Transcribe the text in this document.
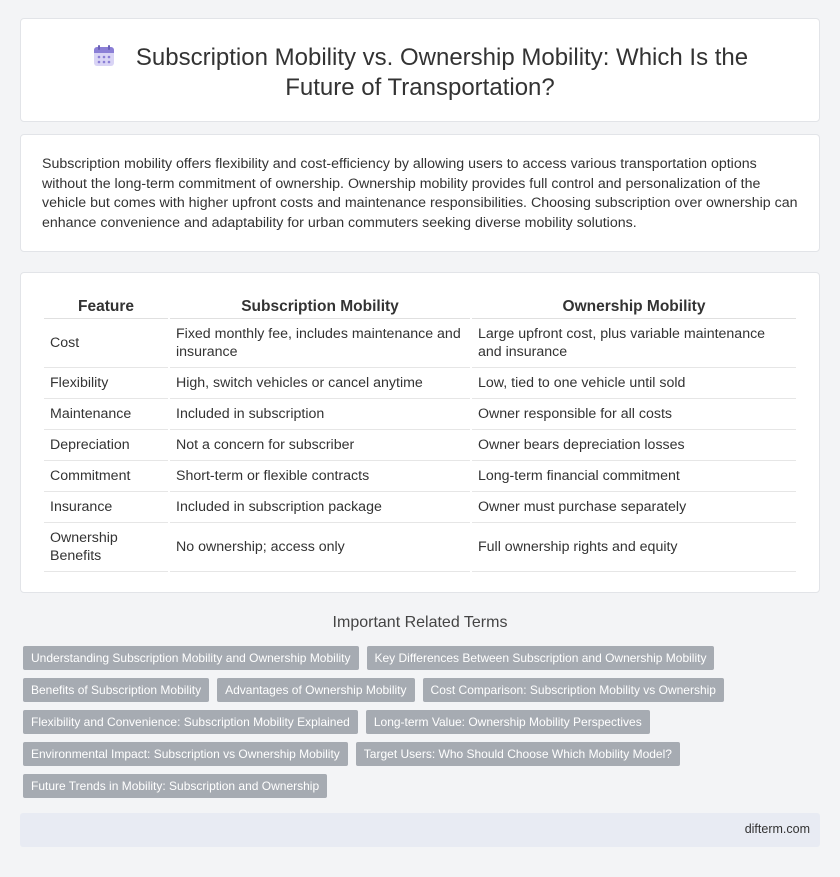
Subscription Mobility vs. Ownership Mobility: Which Is the Future of Transportation?

Subscription mobility offers flexibility and cost-efficiency by allowing users to access various transportation options without the long-term commitment of ownership. Ownership mobility provides full control and personalization of the vehicle but comes with higher upfront costs and maintenance responsibilities. Choosing subscription over ownership can enhance convenience and adaptability for urban commuters seeking diverse mobility solutions.

Feature	Subscription Mobility	Ownership Mobility
Cost	Fixed monthly fee, includes maintenance and insurance	Large upfront cost, plus variable maintenance and insurance
Flexibility	High, switch vehicles or cancel anytime	Low, tied to one vehicle until sold
Maintenance	Included in subscription	Owner responsible for all costs
Depreciation	Not a concern for subscriber	Owner bears depreciation losses
Commitment	Short-term or flexible contracts	Long-term financial commitment
Insurance	Included in subscription package	Owner must purchase separately
Ownership Benefits	No ownership; access only	Full ownership rights and equity
Important Related Terms
Understanding Subscription Mobility and Ownership Mobility	Key Differences Between Subscription and Ownership Mobility
Benefits of Subscription Mobility	Advantages of Ownership Mobility	Cost Comparison: Subscription Mobility vs Ownership
Flexibility and Convenience: Subscription Mobility Explained	Long-term Value: Ownership Mobility Perspectives
Environmental Impact: Subscription vs Ownership Mobility	Target Users: Who Should Choose Which Mobility Model?
Future Trends in Mobility: Subscription and Ownership
difterm.com
